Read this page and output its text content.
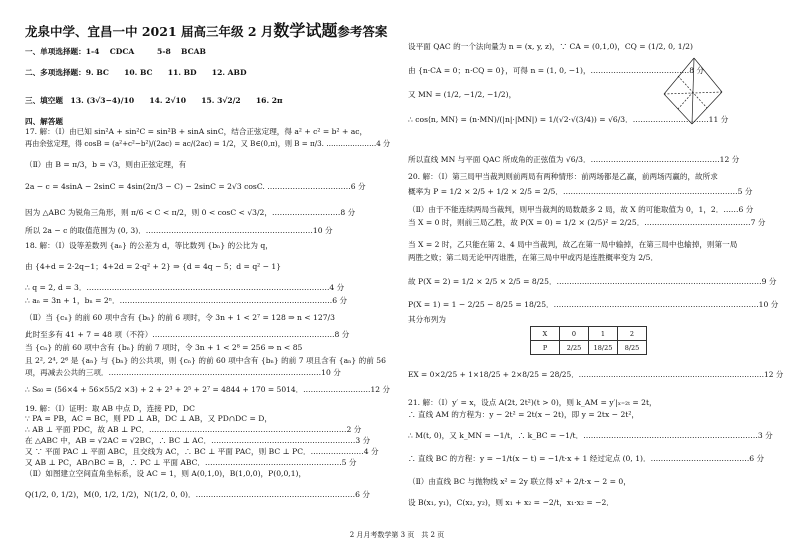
龙泉中学、宜昌一中 2021 届高三年级 2 月数学试题参考答案
一、单项选择题：1-4　 CDCA　　　5-8　 BCAB
二、多项选择题：9. BC　　10. BC　　11. BD　　12. ABD
三、填空题　13. (3√3−4)/10　　14. 2√10　　15. 3√2/2　　16. 2π
四、解答题
17. 解：（Ⅰ）由已知 sin²A + sin²C = sin²B + sinA sinC，结合正弦定理，得 a² + c² = b² + ac，
再由余弦定理，得 cosB = (a²+c²−b²)/(2ac) = ac/(2ac) = 1/2，又 B∈(0,π)，则 B = π/3. …………………4 分
（Ⅱ）由 B = π/3，b = √3，则由正弦定理，有
2a − c = 4sinA − 2sinC = 4sin(2π/3 − C) − 2sinC = 2√3 cosC. ……………………………6 分
因为 △ABC 为锐角三角形，则 π/6 < C < π/2，则 0 < cosC < √3/2，………………………8 分
所以 2a − c 的取值范围为 (0, 3)．…………………………………………………………10 分
18. 解：（Ⅰ）设等差数列 {aₙ} 的公差为 d，等比数列 {bₙ} 的公比为 q，
由 {4+d = 2·2q−1；4+2d = 2·q² + 2} ⇒ {d = 4q − 5；d = q² − 1}
∴ q = 2, d = 3．……………………………………………………………………………………4 分
∴ aₙ = 3n + 1，bₙ = 2ⁿ．…………………………………………………………………………6 分
（Ⅱ）当 {cₙ} 的前 60 项中含有 {bₙ} 的前 6 项时，令 3n + 1 < 2⁷ = 128 ⇒ n < 127/3
此时至多有 41 + 7 = 48 项（不符）………………………………………………………………8 分
当 {cₙ} 的前 60 项中含有 {bₙ} 的前 7 项时，令 3n + 1 < 2⁸ = 256 ⇒ n < 85
且 2², 2⁴, 2⁶ 是 {aₙ} 与 {bₙ} 的公共项，则 {cₙ} 的前 60 项中含有 {bₙ} 的前 7 项且含有 {aₙ} 的前 56
项，再减去公共的三项．…………………………………………………………………………10 分
∴ S₆₀ = (56×4 + 56×55/2 ×3) + 2 + 2³ + 2⁵ + 2⁷ = 4844 + 170 = 5014．………………………12 分
19. 解：（Ⅰ）证明：取 AB 中点 D，连接 PD，DC
∵ PA = PB，AC = BC，则 PD ⊥ AB，DC ⊥ AB，又 PD∩DC = D，
∴ AB ⊥ 平面 PDC，故 AB ⊥ PC．……………………………………………………………………2 分
在 △ABC 中，AB = √2AC = √2BC，∴ BC ⊥ AC．…………………………………………………3 分
又 ∵ 平面 PAC ⊥ 平面 ABC，且交线为 AC，∴ BC ⊥ 平面 PAC，则 BC ⊥ PC．…………………4 分
又 AB ⊥ PC，AB∩BC = B，∴ PC ⊥ 平面 ABC．………………………………………………5 分
（Ⅱ）如图建立空间直角坐标系，设 AC = 1，则 A(0,1,0)，B(1,0,0)，P(0,0,1)，
Q(1/2, 0, 1/2)，M(0, 1/2, 1/2)，N(1/2, 0, 0)．………………………………………………………6 分
设平面 QAC 的一个法向量为 n = (x, y, z)，∵ CA = (0,1,0)，CQ = (1/2, 0, 1/2)
由 {n·CA = 0；n·CQ = 0}，可得 n = (1, 0, −1)，…………………………………8 分
又 MN = (1/2, −1/2, −1/2)，
∴ cos⟨n, MN⟩ = (n·MN)/(|n|·|MN|) = 1/(√2·√(3/4)) = √6/3．…………………………11 分
所以直线 MN 与平面 QAC 所成角的正弦值为 √6/3．……………………………………………12 分
20. 解：（Ⅰ）第三局甲当裁判则前两局有两种情形：前两场都是乙赢，前两场丙赢的，故所求
概率为 P = 1/2 × 2/5 + 1/2 × 2/5 = 2/5．……………………………………………………………5 分
（Ⅱ）由于不能连续两局当裁判，则甲当裁判的局数最多 2 局，故 X 的可能取值为 0，1，2．……6 分
当 X = 0 时，则前三局乙胜，故 P(X = 0) = 1/2 × (2/5)² = 2/25．……………………………………7 分
当 X = 2 时，乙只能在第 2、4 局中当裁判，故乙在第一局中输掉，在第三局中也输掉，则第一局
两胜之败；第二局无论甲丙谁胜，在第三局中甲或丙是连胜概率变为 2/5．
故 P(X = 2) = 1/2 × 2/5 × 2/5 = 8/25．………………………………………………………………………9 分
P(X = 1) = 1 − 2/25 − 8/25 = 18/25．………………………………………………………………………10 分
其分布列为
EX = 0×2/25 + 1×18/25 + 2×8/25 = 28/25．…………………………………………………………………12 分
21. 解：（Ⅰ）y′ = x，设点 A(2t, 2t²)(t > 0)，则 k_AM = y′|ₓ₌₂ₜ = 2t，
∴ 直线 AM 的方程为：y − 2t² = 2t(x − 2t)，即 y = 2tx − 2t²，
∴ M(t, 0)，又 k_MN = −1/t，∴ k_BC = −1/t．……………………………………………………………3 分
∴ 直线 BC 的方程：y = −1/t(x − t) = −1/t·x + 1 经过定点 (0, 1)．…………………………………6 分
（Ⅱ）由直线 BC 与抛物线 x² = 2y 联立得 x² + 2/t·x − 2 = 0，
设 B(x₁, y₁)，C(x₂, y₂)，则 x₁ + x₂ = −2/t，x₁·x₂ = −2．
X	0	1	2
P	2/25	18/25	8/25
2 月月考数学第 3 页　共 2 页
